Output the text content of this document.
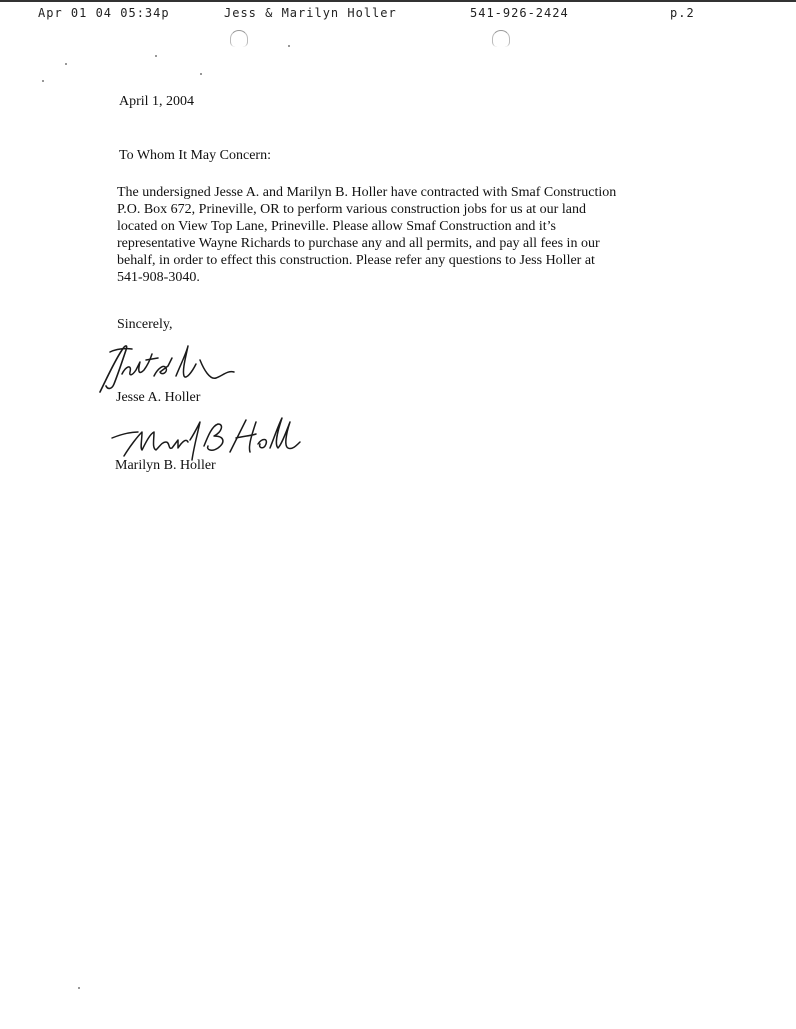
Apr 01 04 05:34p	Jess & Marilyn Holler	541-926-2424	p.2
April 1, 2004
To Whom It May Concern:

The undersigned Jesse A. and Marilyn B. Holler have contracted with Smaf Construction
P.O. Box 672, Prineville, OR to perform various construction jobs for us at our land
located on View Top Lane, Prineville. Please allow Smaf Construction and it’s
representative Wayne Richards to purchase any and all permits, and pay all fees in our
behalf, in order to effect this construction. Please refer any questions to Jess Holler at
541-908-3040.

Sincerely,
Jesse A. Holler
Marilyn B. Holler
